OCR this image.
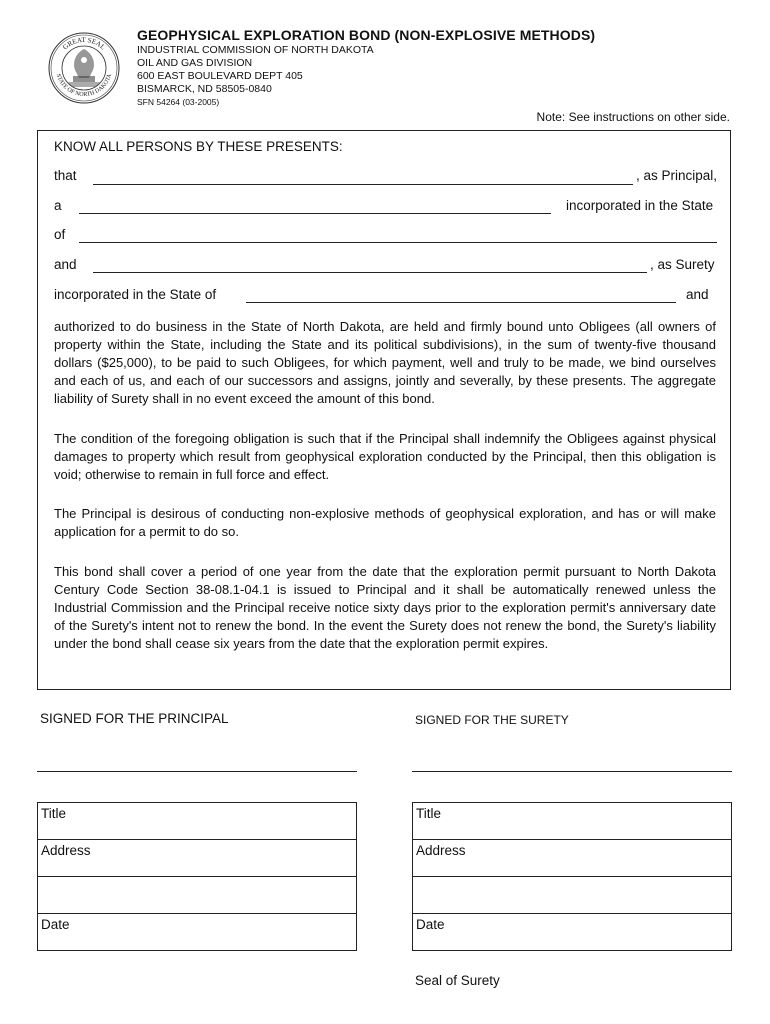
GREAT SEAL
STATE OF NORTH DAKOTA
GEOPHYSICAL EXPLORATION BOND (NON-EXPLOSIVE METHODS)
INDUSTRIAL COMMISSION OF NORTH DAKOTA
OIL AND GAS DIVISION
600 EAST BOULEVARD DEPT 405
BISMARCK, ND 58505-0840
SFN 54264 (03-2005)
Note: See instructions on other side.
KNOW ALL PERSONS BY THESE PRESENTS:
that	, as Principal,
a	incorporated in the State
of
and	, as Surety
incorporated in the State of	and
authorized to do business in the State of North Dakota, are held and firmly bound unto Obligees (all owners of property within the State, including the State and its political subdivisions), in the sum of twenty-five thousand dollars ($25,000), to be paid to such Obligees, for which payment, well and truly to be made, we bind ourselves and each of us, and each of our successors and assigns, jointly and severally, by these presents. The aggregate liability of Surety shall in no event exceed the amount of this bond.
The condition of the foregoing obligation is such that if the Principal shall indemnify the Obligees against physical damages to property which result from geophysical exploration conducted by the Principal, then this obligation is void; otherwise to remain in full force and effect.
The Principal is desirous of conducting non-explosive methods of geophysical exploration, and has or will make application for a permit to do so.
This bond shall cover a period of one year from the date that the exploration permit pursuant to North Dakota Century Code Section 38-08.1-04.1 is issued to Principal and it shall be automatically renewed unless the Industrial Commission and the Principal receive notice sixty days prior to the exploration permit's anniversary date of the Surety's intent not to renew the bond. In the event the Surety does not renew the bond, the Surety's liability under the bond shall cease six years from the date that the exploration permit expires.
SIGNED FOR THE PRINCIPAL	SIGNED FOR THE SURETY
Title
Address
Date
Title
Address
Date
Seal of Surety
